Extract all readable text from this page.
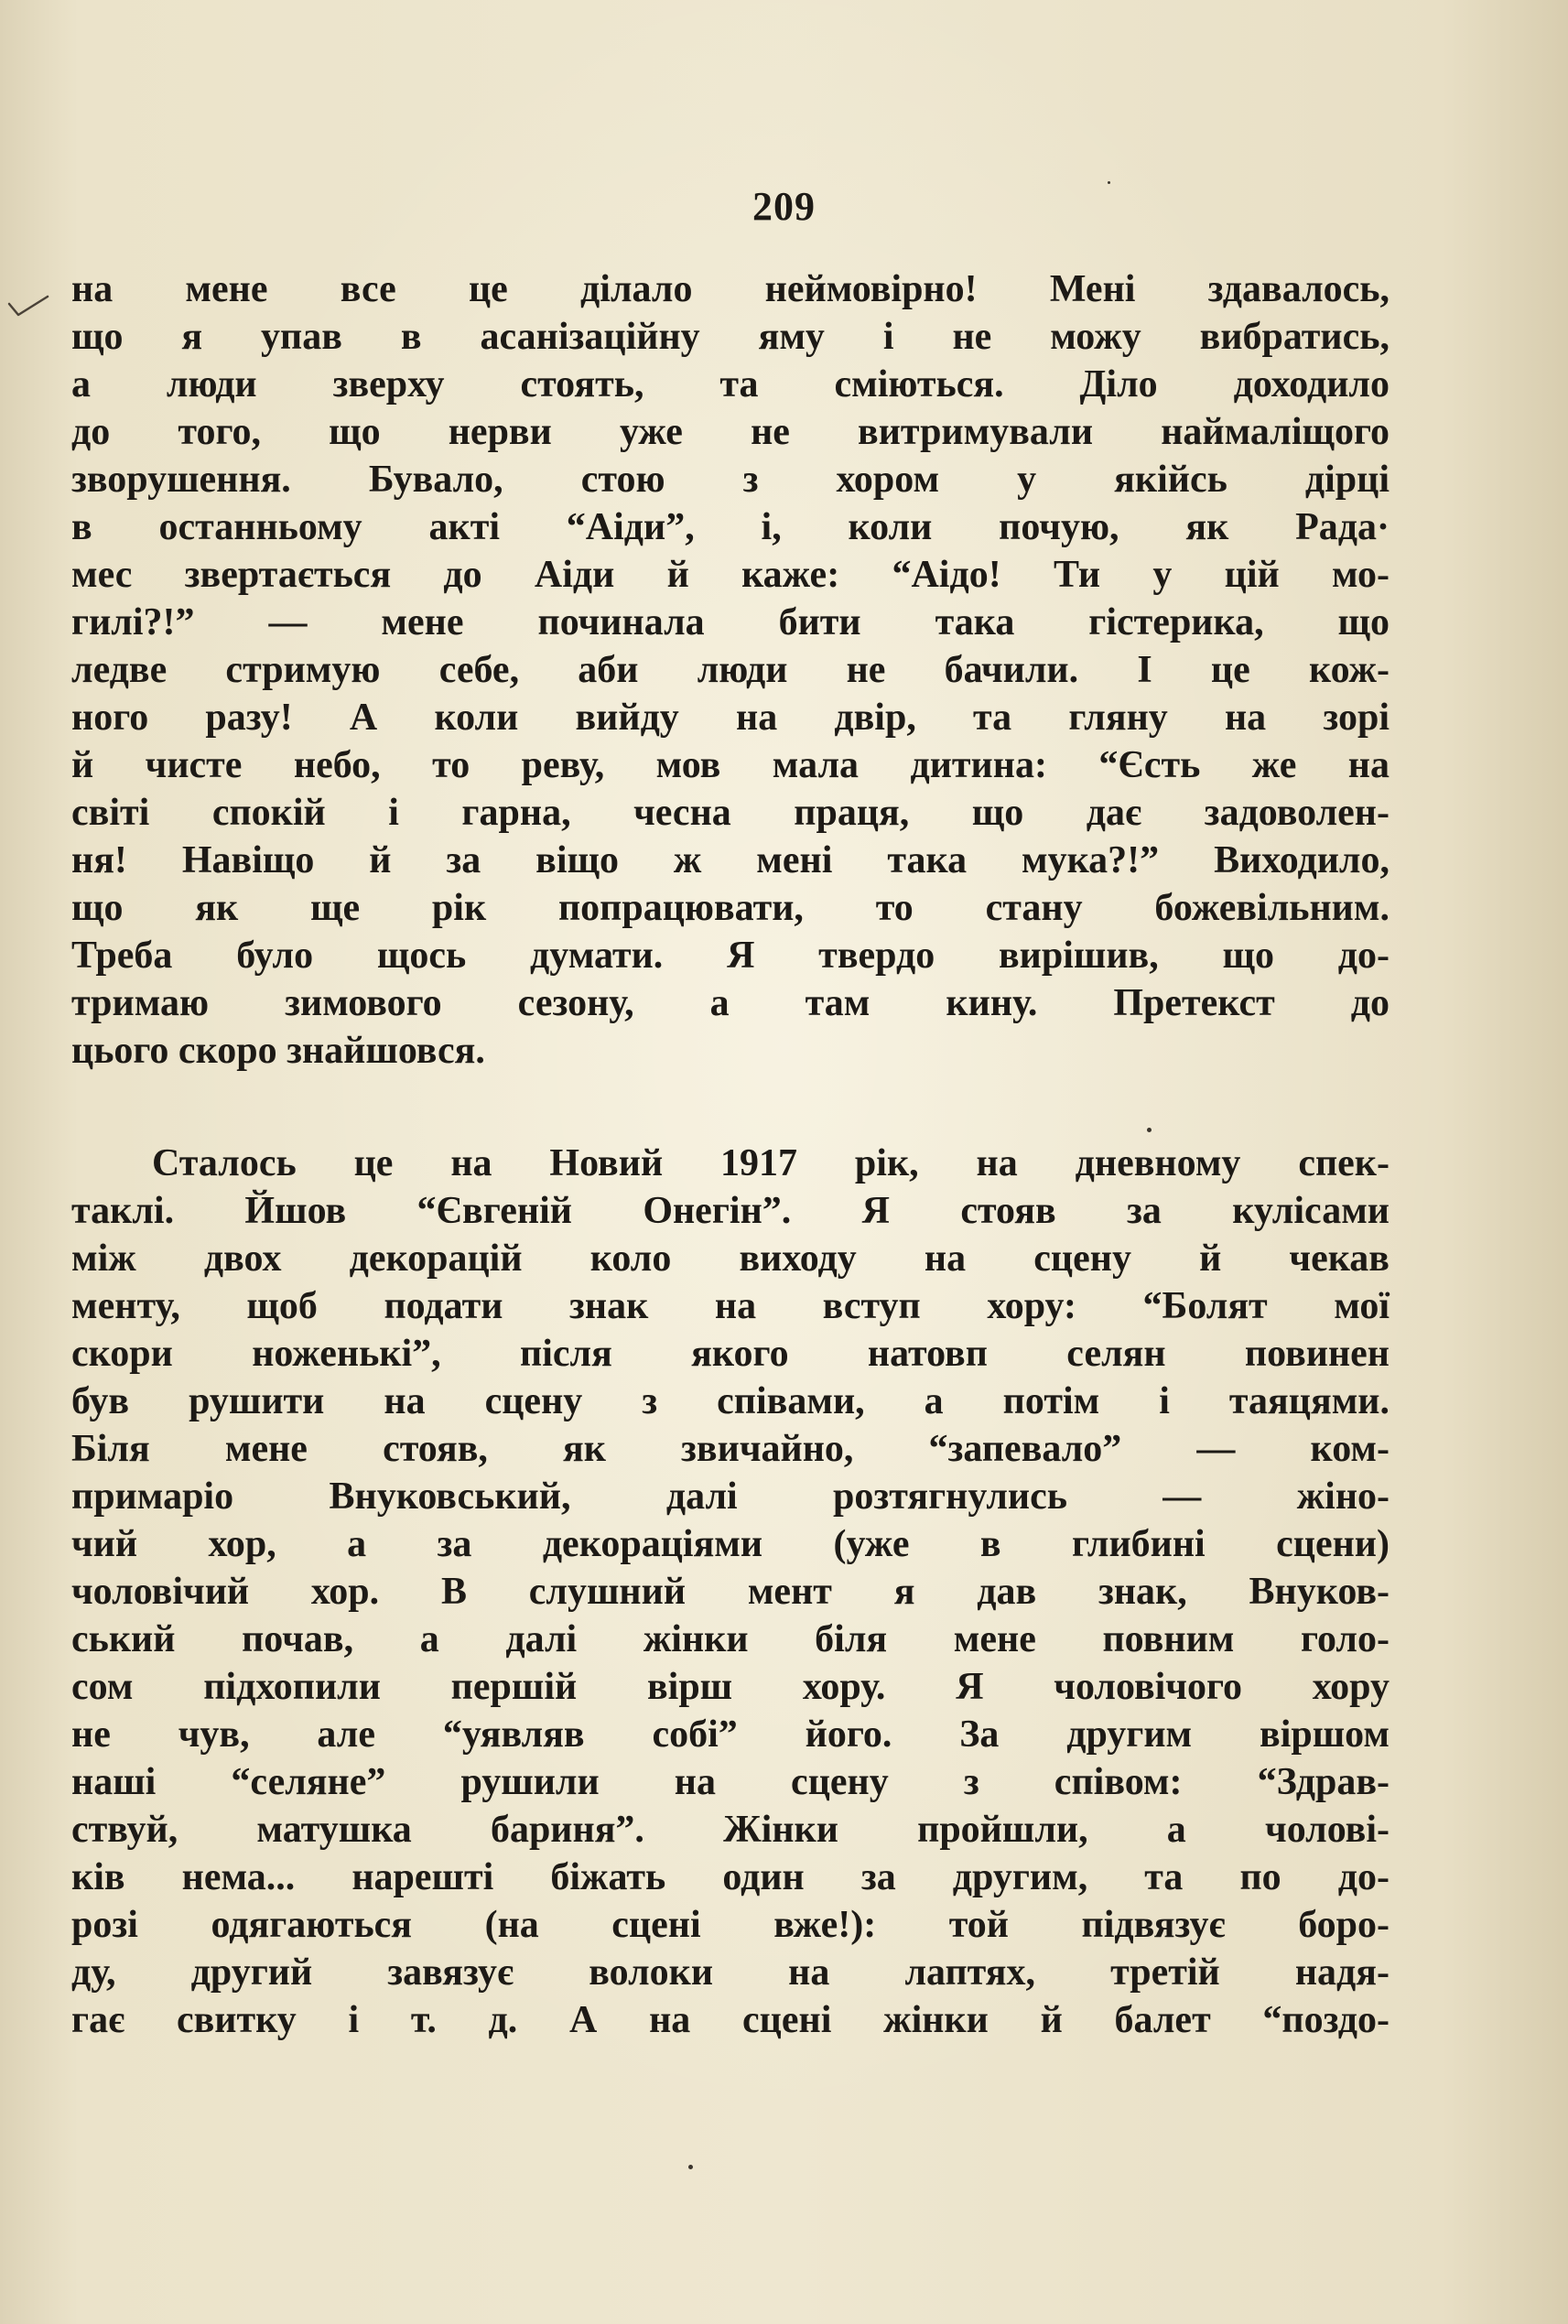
209
на мене все це ділало неймовірно! Мені здавалось,
що я упав в асанізаційну яму і не можу вибратись,
а люди зверху стоять, та сміються. Діло доходило
до того, що нерви уже не витримували наймаліщого
зворушення. Бувало, стою з хором у якійсь дірці
в останньому акті “Аіди”, і, коли почую, як Рада·
мес звертається до Аіди й каже: “Аідо! Ти у цій мо-
гилі?!” — мене починала бити така гістерика, що
ледве стримую себе, аби люди не бачили. І це кож-
ного разу! А коли вийду на двір, та гляну на зорі
й чисте небо, то реву, мов мала дитина: “Єсть же на
світі спокій і гарна, чесна праця, що дає задоволен-
ня! Навіщо й за віщо ж мені така мука?!” Виходило,
що як ще рік попрацювати, то стану божевільним.
Треба було щось думати. Я твердо вирішив, що до-
тримаю зимового сезону, а там кину. Претекст до
цього скоро знайшовся.
Сталось це на Новий 1917 рік, на дневному спек-
таклі. Йшов “Євгеній Онегін”. Я стояв за кулісами
між двох декорацій коло виходу на сцену й чекав
менту, щоб подати знак на вступ хору: “Болят мої
скори ноженькі”, після якого натовп селян повинен
був рушити на сцену з співами, а потім і таяцями.
Біля мене стояв, як звичайно, “запевало” — ком-
примаріо Внуковський, далі розтягнулись — жіно-
чий хор, а за декораціями (уже в глибині сцени)
чоловічий хор. В слушний мент я дав знак, Внуков-
ський почав, а далі жінки біля мене повним голо-
сом підхопили першій вірш хору. Я чоловічого хору
не чув, але “уявляв собі” його. За другим віршом
наші “селяне” рушили на сцену з співом: “Здрав-
ствуй, матушка бариня”. Жінки пройшли, а чолові-
ків нема... нарешті біжать один за другим, та по до-
розі одягаються (на сцені вже!): той підвязує боро-
ду, другий завязує волоки на лаптях, третій надя-
гає свитку і т. д. А на сцені жінки й балет “поздо-
